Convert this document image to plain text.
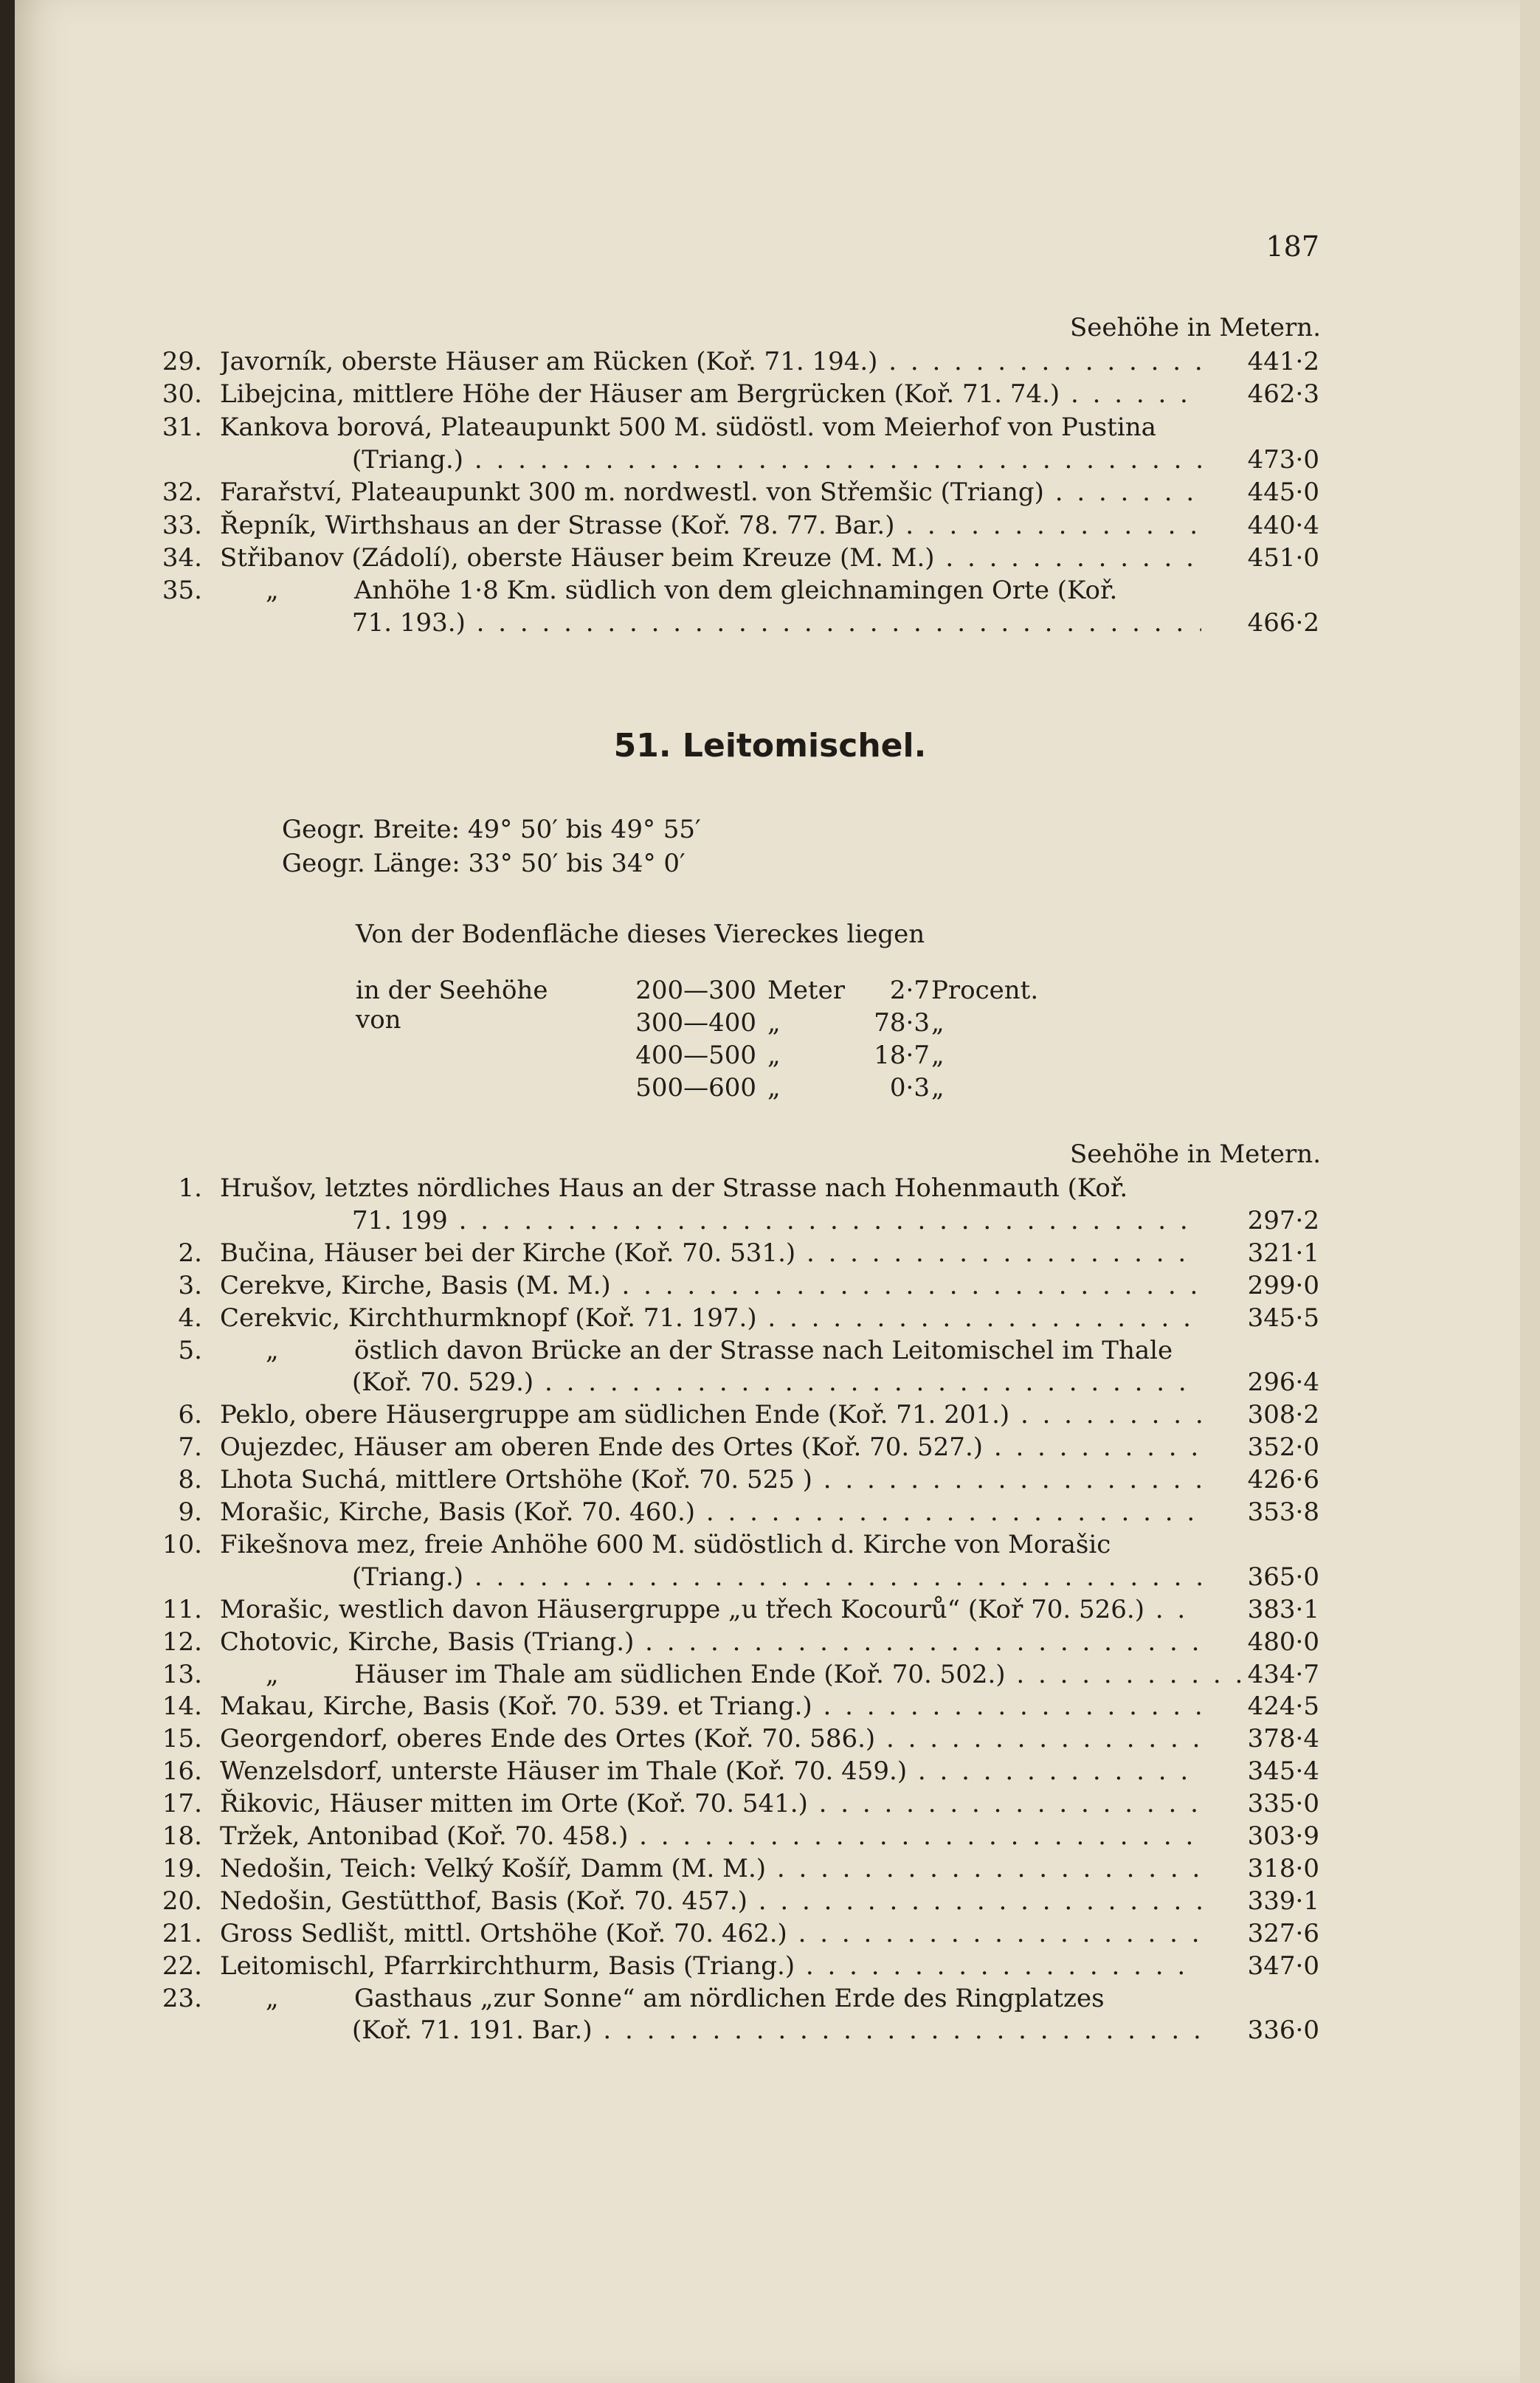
187
Seehöhe in Metern.
29. Javorník, oberste Häuser am Rücken (Koř. 71. 194.) . . .	441·2
30. Libejcina, mittlere Höhe der Häuser am Bergrücken (Koř. 71. 74.) . . .	462·3
31. Kankova borová, Plateaupunkt 500 M. südöstl. vom Meierhof von Pustina
(Triang.) . . .	473·0
32. Farařství, Plateaupunkt 300 m. nordwestl. von Střemšic (Triang) . . .	445·0
33. Řepník, Wirthshaus an der Strasse (Koř. 78. 77. Bar.) . . .	440·4
34. Střibanov (Zádolí), oberste Häuser beim Kreuze (M. M.) . . .	451·0
35.	„	Anhöhe 1·8 Km. südlich von dem gleichnamingen Orte (Koř.
71. 193.) . . .	466·2
51. Leitomischel.
Geogr. Breite: 49° 50′ bis 49° 55′
Geogr. Länge: 33° 50′ bis 34° 0′
Von der Bodenfläche dieses Viereckes liegen
in der Seehöhe von
200—300 Meter	2·7 Procent.
300—400 „	78·3 „
400—500 „	18·7 „
500—600 „	0·3 „
Seehöhe in Metern.
1. Hrušov, letztes nördliches Haus an der Strasse nach Hohenmauth (Koř.
71. 199 . . .	297·2
2. Bučina, Häuser bei der Kirche (Koř. 70. 531.) . . .	321·1
3. Cerekve, Kirche, Basis (M. M.) . . .	299·0
4. Cerekvic, Kirchthurmknopf (Koř. 71. 197.) . . .	345·5
5.	„	östlich davon Brücke an der Strasse nach Leitomischel im Thale
(Koř. 70. 529.) . . .	296·4
6. Peklo, obere Häusergruppe am südlichen Ende (Koř. 71. 201.) . . .	308·2
7. Oujezdec, Häuser am oberen Ende des Ortes (Koř. 70. 527.) . . .	352·0
8. Lhota Suchá, mittlere Ortshöhe (Koř. 70. 525 ) . . .	426·6
9. Morašic, Kirche, Basis (Koř. 70. 460.) . . .	353·8
10. Fikešnova mez, freie Anhöhe 600 M. südöstlich d. Kirche von Morašic
(Triang.) . . .	365·0
11. Morašic, westlich davon Häusergruppe „u třech Kocourů“ (Koř 70. 526.) . . .	383·1
12. Chotovic, Kirche, Basis (Triang.) . . .	480·0
13.	„	Häuser im Thale am südlichen Ende (Koř. 70. 502.) . . .	434·7
14. Makau, Kirche, Basis (Koř. 70. 539. et Triang.) . . .	424·5
15. Georgendorf, oberes Ende des Ortes (Koř. 70. 586.) . . .	378·4
16. Wenzelsdorf, unterste Häuser im Thale (Koř. 70. 459.) . . .	345·4
17. Řikovic, Häuser mitten im Orte (Koř. 70. 541.) . . .	335·0
18. Tržek, Antonibad (Koř. 70. 458.) . . .	303·9
19. Nedošin, Teich: Velký Košíř, Damm (M. M.) . . .	318·0
20. Nedošin, Gestütthof, Basis (Koř. 70. 457.) . . .	339·1
21. Gross Sedlišt, mittl. Ortshöhe (Koř. 70. 462.) . . .	327·6
22. Leitomischl, Pfarrkirchthurm, Basis (Triang.) . . .	347·0
23.	„	Gasthaus „zur Sonne“ am nördlichen Erde des Ringplatzes
(Koř. 71. 191. Bar.) . . .	336·0
